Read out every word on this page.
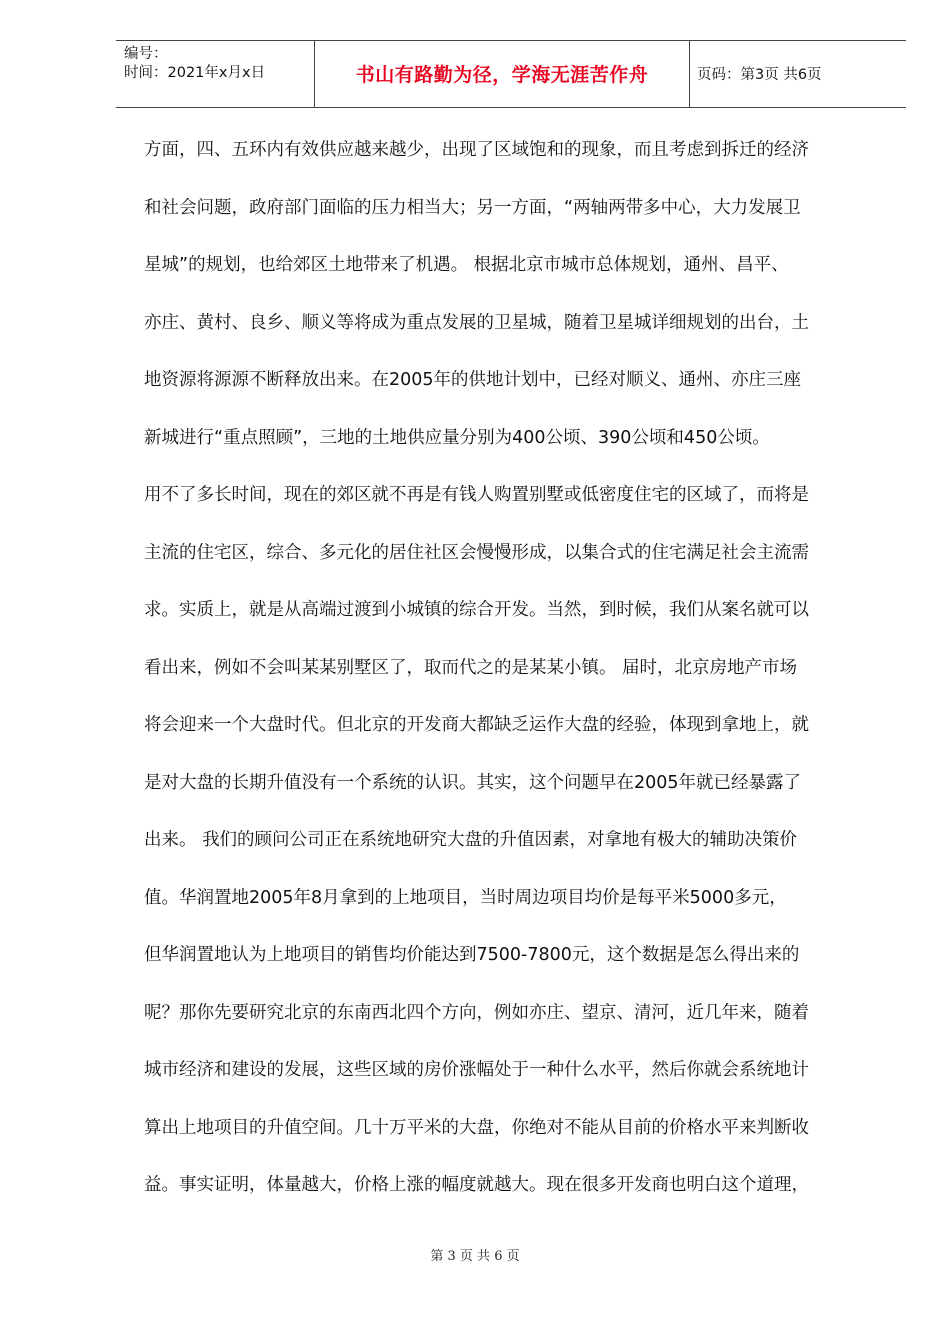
编号：
时间：2021年x月x日	书山有路勤为径，学海无涯苦作舟	页码：第3页 共6页
方面，四、五环内有效供应越来越少，出现了区域饱和的现象，而且考虑到拆迁的经济
和社会问题，政府部门面临的压力相当大；另一方面，“两轴两带多中心，大力发展卫
星城”的规划，也给郊区土地带来了机遇。 根据北京市城市总体规划，通州、昌平、
亦庄、黄村、良乡、顺义等将成为重点发展的卫星城，随着卫星城详细规划的出台，土
地资源将源源不断释放出来。在2005年的供地计划中，已经对顺义、通州、亦庄三座
新城进行“重点照顾”，三地的土地供应量分别为400公顷、390公顷和450公顷。
用不了多长时间，现在的郊区就不再是有钱人购置别墅或低密度住宅的区域了，而将是
主流的住宅区，综合、多元化的居住社区会慢慢形成，以集合式的住宅满足社会主流需
求。实质上，就是从高端过渡到小城镇的综合开发。当然，到时候，我们从案名就可以
看出来，例如不会叫某某别墅区了，取而代之的是某某小镇。 届时，北京房地产市场
将会迎来一个大盘时代。但北京的开发商大都缺乏运作大盘的经验，体现到拿地上，就
是对大盘的长期升值没有一个系统的认识。其实，这个问题早在2005年就已经暴露了
出来。 我们的顾问公司正在系统地研究大盘的升值因素，对拿地有极大的辅助决策价
值。华润置地2005年8月拿到的上地项目，当时周边项目均价是每平米5000多元，
但华润置地认为上地项目的销售均价能达到7500-7800元，这个数据是怎么得出来的
呢？那你先要研究北京的东南西北四个方向，例如亦庄、望京、清河，近几年来，随着
城市经济和建设的发展，这些区域的房价涨幅处于一种什么水平，然后你就会系统地计
算出上地项目的升值空间。几十万平米的大盘，你绝对不能从目前的价格水平来判断收
益。事实证明，体量越大，价格上涨的幅度就越大。现在很多开发商也明白这个道理，
第 3 页 共 6 页
